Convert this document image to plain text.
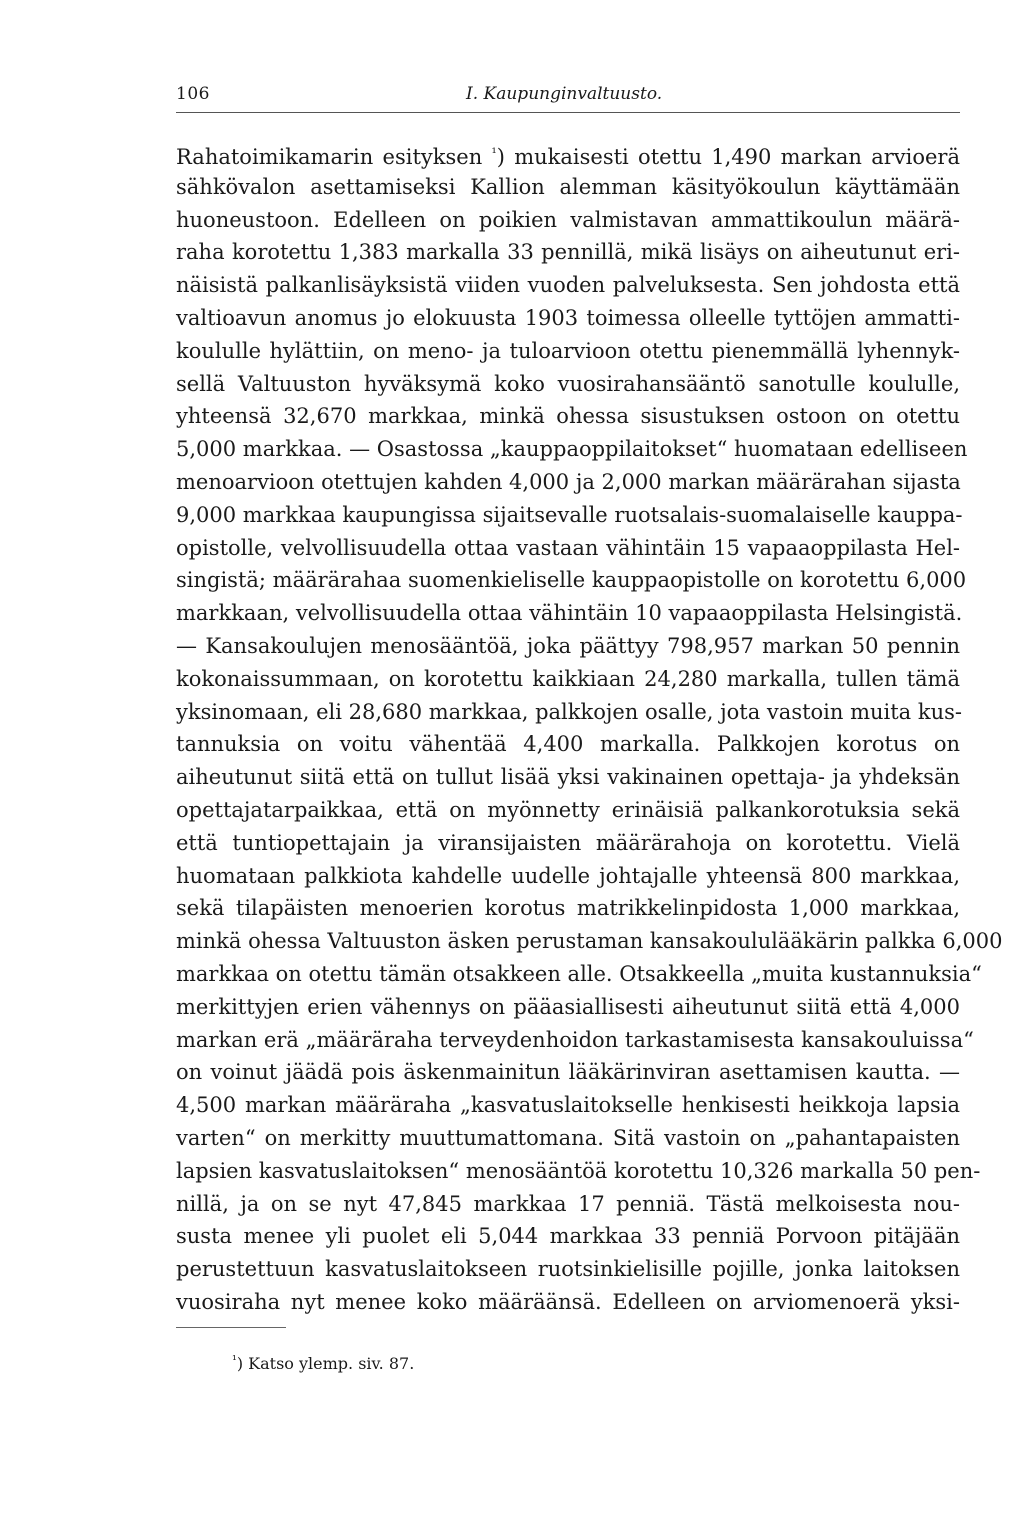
106	I. Kaupunginvaltuusto.
Rahatoimikamarin esityksen $^{^1}$) mukaisesti otettu 1,490 markan arvioerä
sähkövalon asettamiseksi Kallion alemman käsityökoulun käyttämään
huoneustoon. Edelleen on poikien valmistavan ammattikoulun määrä-
raha korotettu 1,383 markalla 33 pennillä, mikä lisäys on aiheutunut eri-
näisistä palkanlisäyksistä viiden vuoden palveluksesta. Sen johdosta että
valtioavun anomus jo elokuusta 1903 toimessa olleelle tyttöjen ammatti-
koululle hylättiin, on meno- ja tuloarvioon otettu pienemmällä lyhennyk-
sellä Valtuuston hyväksymä koko vuosirahansääntö sanotulle koululle,
yhteensä 32,670 markkaa, minkä ohessa sisustuksen ostoon on otettu
5,000 markkaa. — Osastossa „kauppaoppilaitokset“ huomataan edelliseen
menoarvioon otettujen kahden 4,000 ja 2,000 markan määrärahan sijasta
9,000 markkaa kaupungissa sijaitsevalle ruotsalais-suomalaiselle kauppa-
opistolle, velvollisuudella ottaa vastaan vähintäin 15 vapaaoppilasta Hel-
singistä; määrärahaa suomenkieliselle kauppaopistolle on korotettu 6,000
markkaan, velvollisuudella ottaa vähintäin 10 vapaaoppilasta Helsingistä.
— Kansakoulujen menosääntöä, joka päättyy 798,957 markan 50 pennin
kokonaissummaan, on korotettu kaikkiaan 24,280 markalla, tullen tämä
yksinomaan, eli 28,680 markkaa, palkkojen osalle, jota vastoin muita kus-
tannuksia on voitu vähentää 4,400 markalla. Palkkojen korotus on
aiheutunut siitä että on tullut lisää yksi vakinainen opettaja- ja yhdeksän
opettajatarpaikkaa, että on myönnetty erinäisiä palkankorotuksia sekä
että tuntiopettajain ja viransijaisten määrärahoja on korotettu. Vielä
huomataan palkkiota kahdelle uudelle johtajalle yhteensä 800 markkaa,
sekä tilapäisten menoerien korotus matrikkelinpidosta 1,000 markkaa,
minkä ohessa Valtuuston äsken perustaman kansakoululääkärin palkka 6,000
markkaa on otettu tämän otsakkeen alle. Otsakkeella „muita kustannuksia“
merkittyjen erien vähennys on pääasiallisesti aiheutunut siitä että 4,000
markan erä „määräraha terveydenhoidon tarkastamisesta kansakouluissa“
on voinut jäädä pois äskenmainitun lääkärinviran asettamisen kautta. —
4,500 markan määräraha „kasvatuslaitokselle henkisesti heikkoja lapsia
varten“ on merkitty muuttumattomana. Sitä vastoin on „pahantapaisten
lapsien kasvatuslaitoksen“ menosääntöä korotettu 10,326 markalla 50 pen-
nillä, ja on se nyt 47,845 markkaa 17 penniä. Tästä melkoisesta nou-
susta menee yli puolet eli 5,044 markkaa 33 penniä Porvoon pitäjään
perustettuun kasvatuslaitokseen ruotsinkielisille pojille, jonka laitoksen
vuosiraha nyt menee koko määräänsä. Edelleen on arviomenoerä yksi-
$^{^1}$) Katso ylemp. siv. 87.
